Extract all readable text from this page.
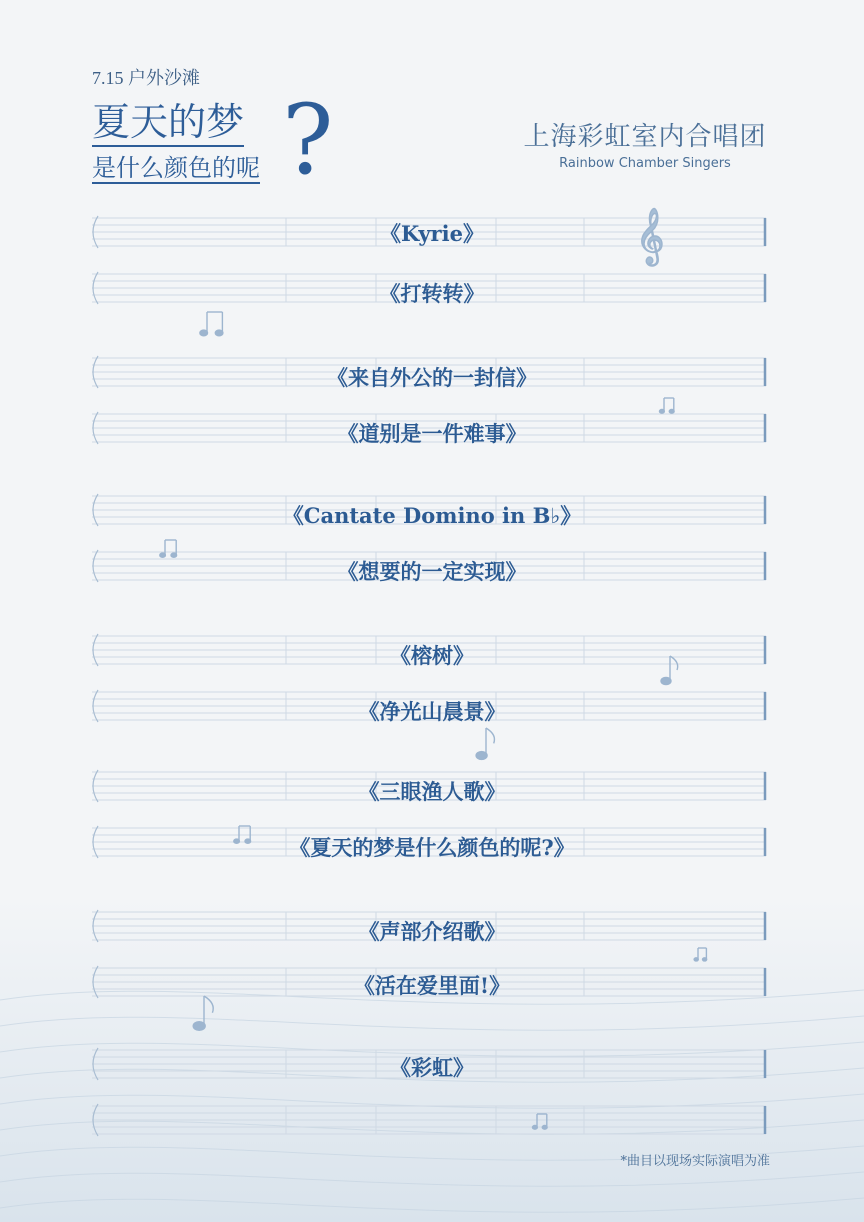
𝄞
7.15 户外沙滩
夏天的梦
是什么颜色的呢 ?	上海彩虹室内合唱团
Rainbow Chamber Singers
《Kyrie》
《打转转》
《来自外公的一封信》
《道别是一件难事》
《Cantate Domino in B♭》
《想要的一定实现》
《榕树》
《净光山晨景》
《三眼渔人歌》
《夏天的梦是什么颜色的呢?》
《声部介绍歌》
《活在爱里面!》
《彩虹》
*曲目以现场实际演唱为准
